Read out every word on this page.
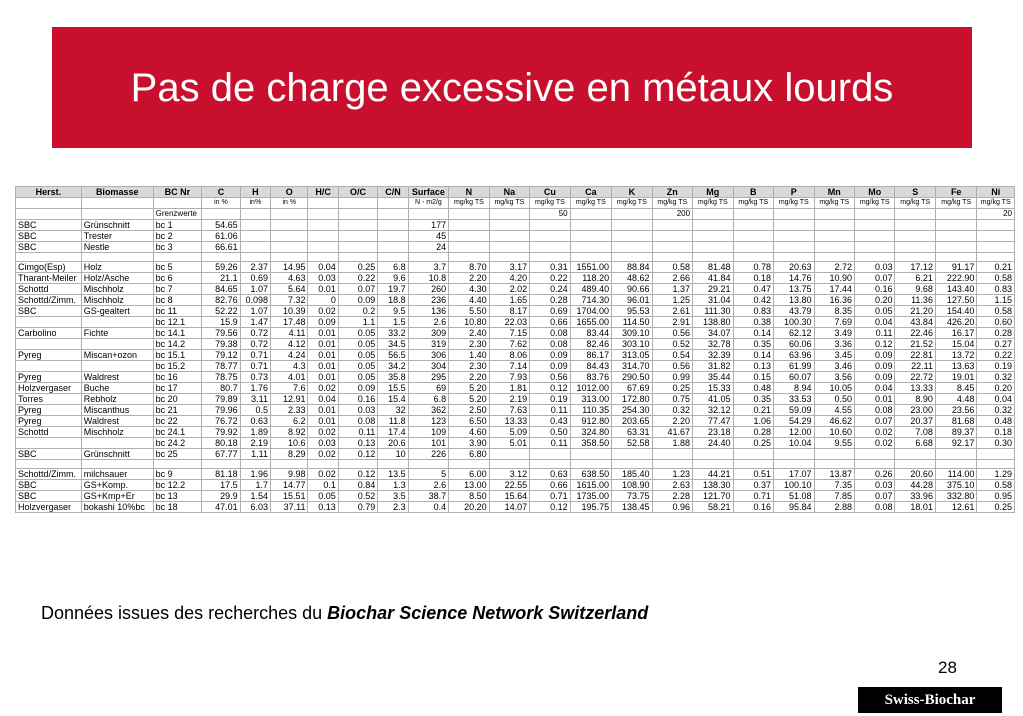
Pas de charge excessive en métaux lourds
Herst.	Biomasse	BC Nr	C	H	O	H/C	O/C	C/N	Surface	N	Na	Cu	Ca	K	Zn	Mg	B	P	Mn	Mo	S	Fe	Ni
			in %	in%	in %				N - m2/g	mg/kg TS	mg/kg TS	mg/kg TS	mg/kg TS	mg/kg TS	mg/kg TS	mg/kg TS	mg/kg TS	mg/kg TS	mg/kg TS	mg/kg TS	mg/kg TS	mg/kg TS	mg/kg TS
		Grenzwerte										50			200								20
SBC	Grünschnitt	bc 1	54.65						177														
SBC	Trester	bc 2	61.06						45														
SBC	Nestle	bc 3	66.61						24														

Cimgo(Esp)	Holz	bc 5	59.26	2.37	14.95	0.04	0.25	6.8	3.7	8.70	3.17	0.31	1551.00	88.84	0.58	81.48	0.78	20.63	2.72	0.03	17.12	91.17	0.21
Tharant-Meiler	Holz/Asche	bc 6	21.1	0.69	4.63	0.03	0.22	9.6	10.8	2.20	4.20	0.22	118.20	48.62	2.66	41.84	0.18	14.76	10.90	0.07	6.21	222.90	0.58
Schottd	Mischholz	bc 7	84.65	1.07	5.64	0.01	0.07	19.7	260	4.30	2.02	0.24	489.40	90.66	1.37	29.21	0.47	13.75	17.44	0.16	9.68	143.40	0.83
Schottd/Zimm.	Mischholz	bc 8	82.76	0.098	7.32	0	0.09	18.8	236	4.40	1.65	0.28	714.30	96.01	1.25	31.04	0.42	13.80	16.36	0.20	11.36	127.50	1.15
SBC	GS-gealtert	bc 11	52.22	1.07	10.39	0.02	0.2	9.5	136	5.50	8.17	0.69	1704.00	95.53	2.61	111.30	0.83	43.79	8.35	0.05	21.20	154.40	0.58
		bc 12.1	15.9	1.47	17.48	0.09	1.1	1.5	2.6	10.80	22.03	0.66	1655.00	114.50	2.91	138.80	0.38	100.30	7.69	0.04	43.84	426.20	0.60
Carbolino	Fichte	bc 14.1	79.56	0.72	4.11	0.01	0.05	33.2	309	2.40	7.15	0.08	83.44	309.10	0.56	34.07	0.14	62.12	3.49	0.11	22.46	16.17	0.28
		bc 14.2	79.38	0.72	4.12	0.01	0.05	34.5	319	2.30	7.62	0.08	82.46	303.10	0.52	32.78	0.35	60.06	3.36	0.12	21.52	15.04	0.27
Pyreg	Miscan+ozon	bc 15.1	79.12	0.71	4.24	0.01	0.05	56.5	306	1.40	8.06	0.09	86.17	313.05	0.54	32.39	0.14	63.96	3.45	0.09	22.81	13.72	0.22
		bc 15.2	78.77	0.71	4.3	0.01	0.05	34.2	304	2.30	7.14	0.09	84.43	314.70	0.56	31.82	0.13	61.99	3.46	0.09	22.11	13.63	0.19
Pyreg	Waldrest	bc 16	78.75	0.73	4.01	0.01	0.05	35.8	295	2.20	7.93	0.56	83.76	290.50	0.99	35.44	0.15	60.07	3.56	0.09	22.72	19.01	0.32
Holzvergaser	Buche	bc 17	80.7	1.76	7.6	0.02	0.09	15.5	69	5.20	1.81	0.12	1012.00	67.69	0.25	15.33	0.48	8.94	10.05	0.04	13.33	8.45	0.20
Torres	Rebholz	bc 20	79.89	3.11	12.91	0.04	0.16	15.4	6.8	5.20	2.19	0.19	313.00	172.80	0.75	41.05	0.35	33.53	0.50	0.01	8.90	4.48	0.04
Pyreg	Miscanthus	bc 21	79.96	0.5	2.33	0.01	0.03	32	362	2.50	7.63	0.11	110.35	254.30	0.32	32.12	0.21	59.09	4.55	0.08	23.00	23.56	0.32
Pyreg	Waldrest	bc 22	76.72	0.63	6.2	0.01	0.08	11.8	123	6.50	13.33	0.43	912.80	203.65	2.20	77.47	1.06	54.29	46.62	0.07	20.37	81.68	0.48
Schottd	Mischholz	bc 24.1	79.92	1.89	8.92	0.02	0.11	17.4	109	4.60	5.09	0.50	324.80	63.31	41.67	23.18	0.28	12.00	10.60	0.02	7.08	89.37	0.18
		bc 24.2	80.18	2.19	10.6	0.03	0.13	20.6	101	3.90	5.01	0.11	358.50	52.58	1.88	24.40	0.25	10.04	9.55	0.02	6.68	92.17	0.30
SBC	Grünschnitt	bc 25	67.77	1.11	8.29	0.02	0.12	10	226	6.80													

Schottd/Zimm.	milchsauer	bc 9	81.18	1.96	9.98	0.02	0.12	13.5	5	6.00	3.12	0.63	638.50	185.40	1.23	44.21	0.51	17.07	13.87	0.26	20.60	114.00	1.29
SBC	GS+Komp.	bc 12.2	17.5	1.7	14.77	0.1	0.84	1.3	2.6	13.00	22.55	0.66	1615.00	108.90	2.63	138.30	0.37	100.10	7.35	0.03	44.28	375.10	0.58
SBC	GS+Kmp+Er	bc 13	29.9	1.54	15.51	0.05	0.52	3.5	38.7	8.50	15.64	0.71	1735.00	73.75	2.28	121.70	0.71	51.08	7.85	0.07	33.96	332.80	0.95
Holzvergaser	bokashi 10%bc	bc 18	47.01	6.03	37.11	0.13	0.79	2.3	0.4	20.20	14.07	0.12	195.75	138.45	0.96	58.21	0.16	95.84	2.88	0.08	18.01	12.61	0.25
Données issues des recherches du Biochar Science Network Switzerland
28
Swiss-Biochar
